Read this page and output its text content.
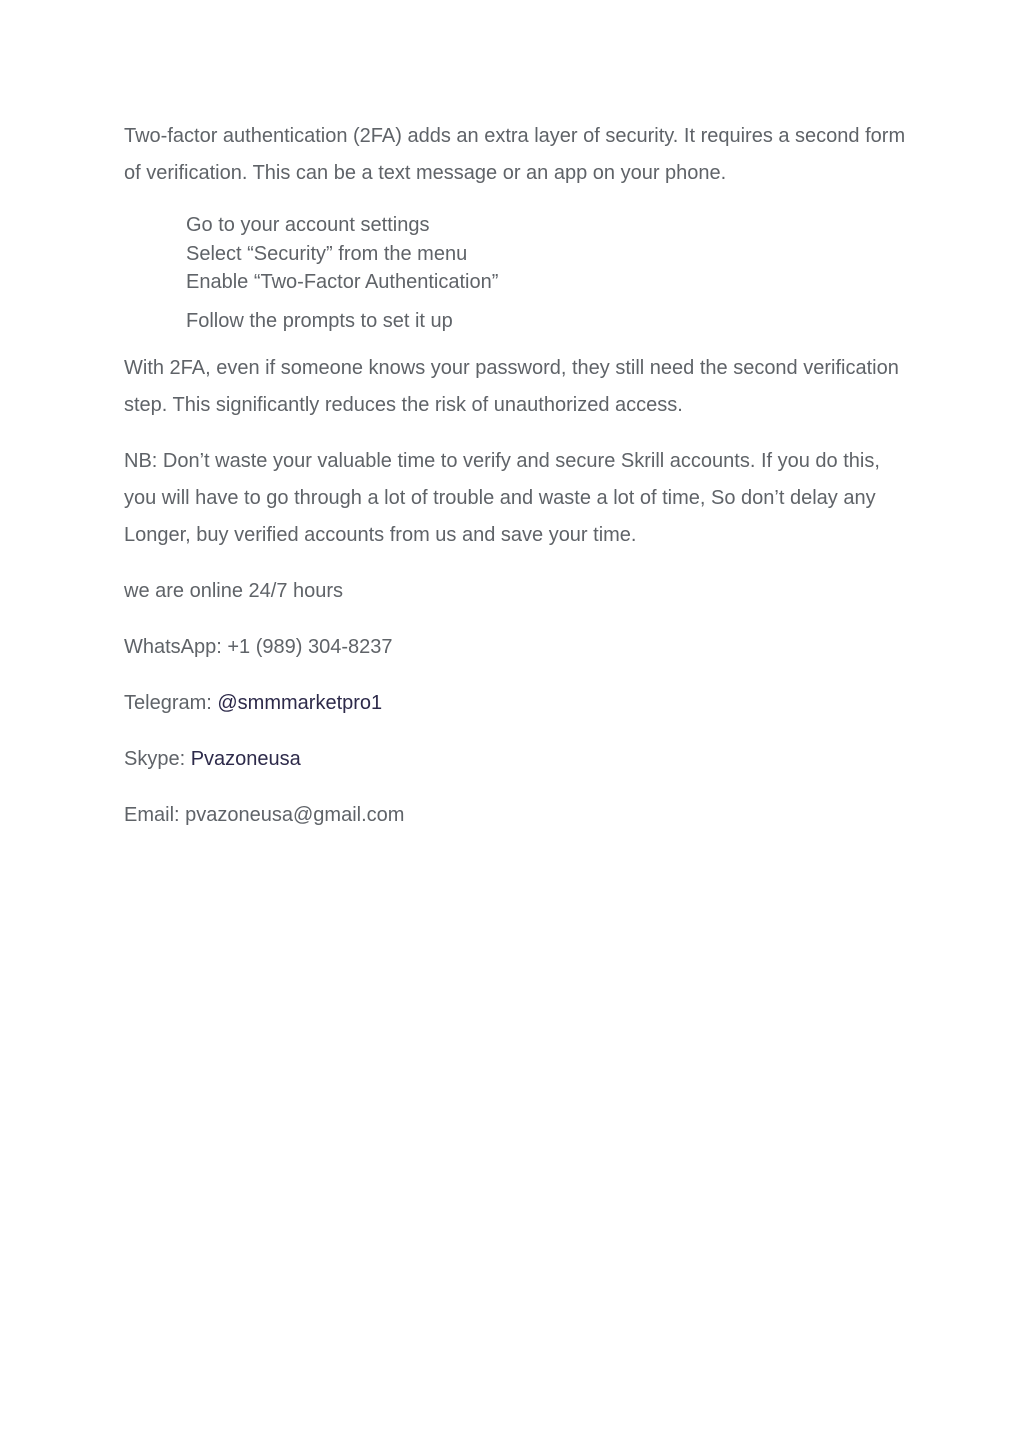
Two-factor authentication (2FA) adds an extra layer of security. It requires a second form of verification. This can be a text message or an app on your phone.

Go to your account settings
Select “Security” from the menu
Enable “Two-Factor Authentication”
Follow the prompts to set it up

With 2FA, even if someone knows your password, they still need the second verification step. This significantly reduces the risk of unauthorized access.

NB: Don’t waste your valuable time to verify and secure Skrill accounts. If you do this, you will have to go through a lot of trouble and waste a lot of time, So don’t delay any Longer, buy verified accounts from us and save your time.

we are online 24/7 hours

WhatsApp: +1 (989) 304-8237

Telegram: @smmmarketpro1

Skype: Pvazoneusa

Email: pvazoneusa@gmail.com
